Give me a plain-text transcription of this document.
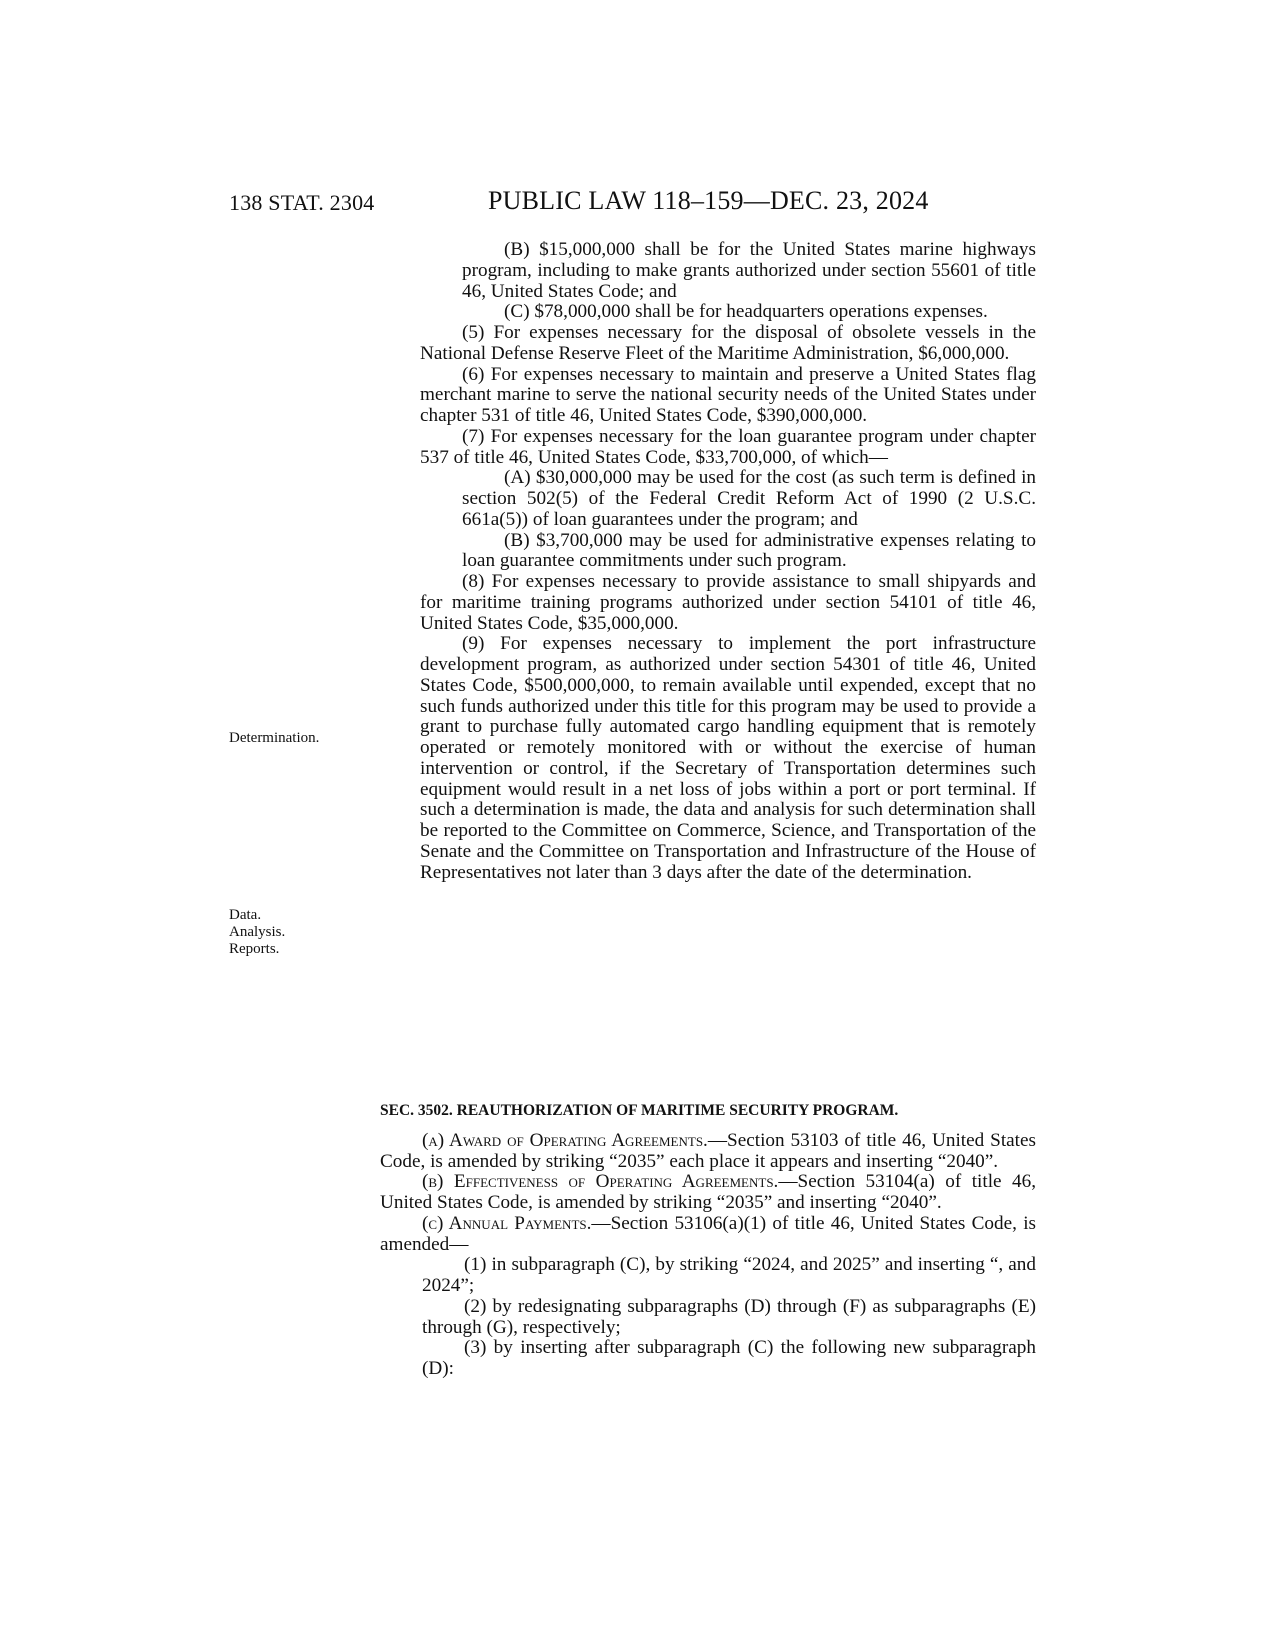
138 STAT. 2304	PUBLIC LAW 118–159—DEC. 23, 2024
Determination.
Data.
Analysis.
Reports.

(B) $15,000,000 shall be for the United States marine highways program, including to make grants authorized under section 55601 of title 46, United States Code; and

(C) $78,000,000 shall be for headquarters operations expenses.

(5) For expenses necessary for the disposal of obsolete vessels in the National Defense Reserve Fleet of the Maritime Administration, $6,000,000.

(6) For expenses necessary to maintain and preserve a United States flag merchant marine to serve the national security needs of the United States under chapter 531 of title 46, United States Code, $390,000,000.

(7) For expenses necessary for the loan guarantee program under chapter 537 of title 46, United States Code, $33,700,000, of which—

(A) $30,000,000 may be used for the cost (as such term is defined in section 502(5) of the Federal Credit Reform Act of 1990 (2 U.S.C. 661a(5)) of loan guarantees under the program; and

(B) $3,700,000 may be used for administrative expenses relating to loan guarantee commitments under such program.

(8) For expenses necessary to provide assistance to small shipyards and for maritime training programs authorized under section 54101 of title 46, United States Code, $35,000,000.

(9) For expenses necessary to implement the port infrastructure development program, as authorized under section 54301 of title 46, United States Code, $500,000,000, to remain available until expended, except that no such funds authorized under this title for this program may be used to provide a grant to purchase fully automated cargo handling equipment that is remotely operated or remotely monitored with or without the exercise of human intervention or control, if the Secretary of Transportation determines such equipment would result in a net loss of jobs within a port or port terminal. If such a determination is made, the data and analysis for such determination shall be reported to the Committee on Commerce, Science, and Transportation of the Senate and the Committee on Transportation and Infrastructure of the House of Representatives not later than 3 days after the date of the determination.

SEC. 3502. REAUTHORIZATION OF MARITIME SECURITY PROGRAM.

(a) Award of Operating Agreements.—Section 53103 of title 46, United States Code, is amended by striking “2035” each place it appears and inserting “2040”.

(b) Effectiveness of Operating Agreements.—Section 53104(a) of title 46, United States Code, is amended by striking “2035” and inserting “2040”.

(c) Annual Payments.—Section 53106(a)(1) of title 46, United States Code, is amended—

(1) in subparagraph (C), by striking “2024, and 2025” and inserting “, and 2024”;

(2) by redesignating subparagraphs (D) through (F) as subparagraphs (E) through (G), respectively;

(3) by inserting after subparagraph (C) the following new subparagraph (D):
